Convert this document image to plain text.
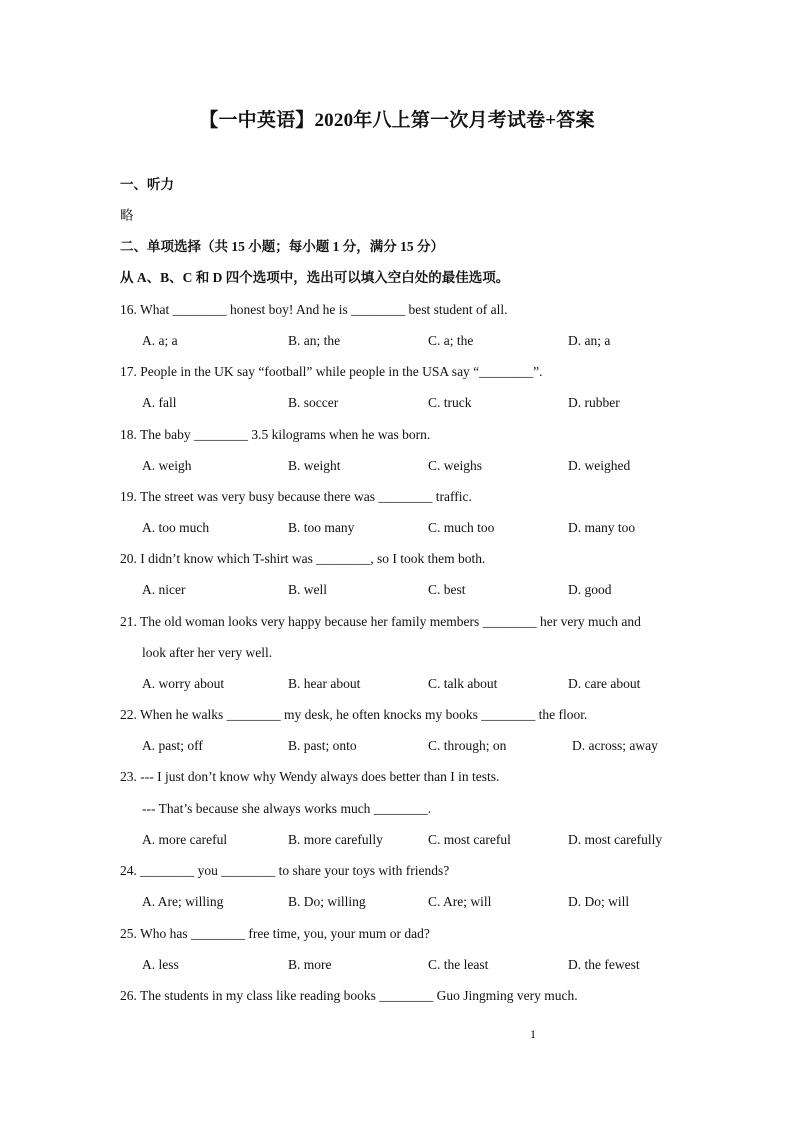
【一中英语】2020年八上第一次月考试卷+答案
一、听力
略
二、单项选择（共 15 小题；每小题 1 分，满分 15 分）
从 A、B、C 和 D 四个选项中，选出可以填入空白处的最佳选项。
16. What ________ honest boy! And he is ________ best student of all.
A. a; a	B. an; the	C. a; the	D. an; a
17. People in the UK say “football” while people in the USA say “________”.
A. fall	B. soccer	C. truck	D. rubber
18. The baby ________ 3.5 kilograms when he was born.
A. weigh	B. weight	C. weighs	D. weighed
19. The street was very busy because there was ________ traffic.
A. too much	B. too many	C. much too	D. many too
20. I didn’t know which T-shirt was ________, so I took them both.
A. nicer	B. well	C. best	D. good
21. The old woman looks very happy because her family members ________ her very much and
look after her very well.
A. worry about	B. hear about	C. talk about	D. care about
22. When he walks ________ my desk, he often knocks my books ________ the floor.
A. past; off	B. past; onto	C. through; on	D. across; away
23. --- I just don’t know why Wendy always does better than I in tests.
--- That’s because she always works much ________.
A. more careful	B. more carefully	C. most careful	D. most carefully
24. ________ you ________ to share your toys with friends?
A. Are; willing	B. Do; willing	C. Are; will	D. Do; will
25. Who has ________ free time, you, your mum or dad?
A. less	B. more	C. the least	D. the fewest
26. The students in my class like reading books ________ Guo Jingming very much.
1
